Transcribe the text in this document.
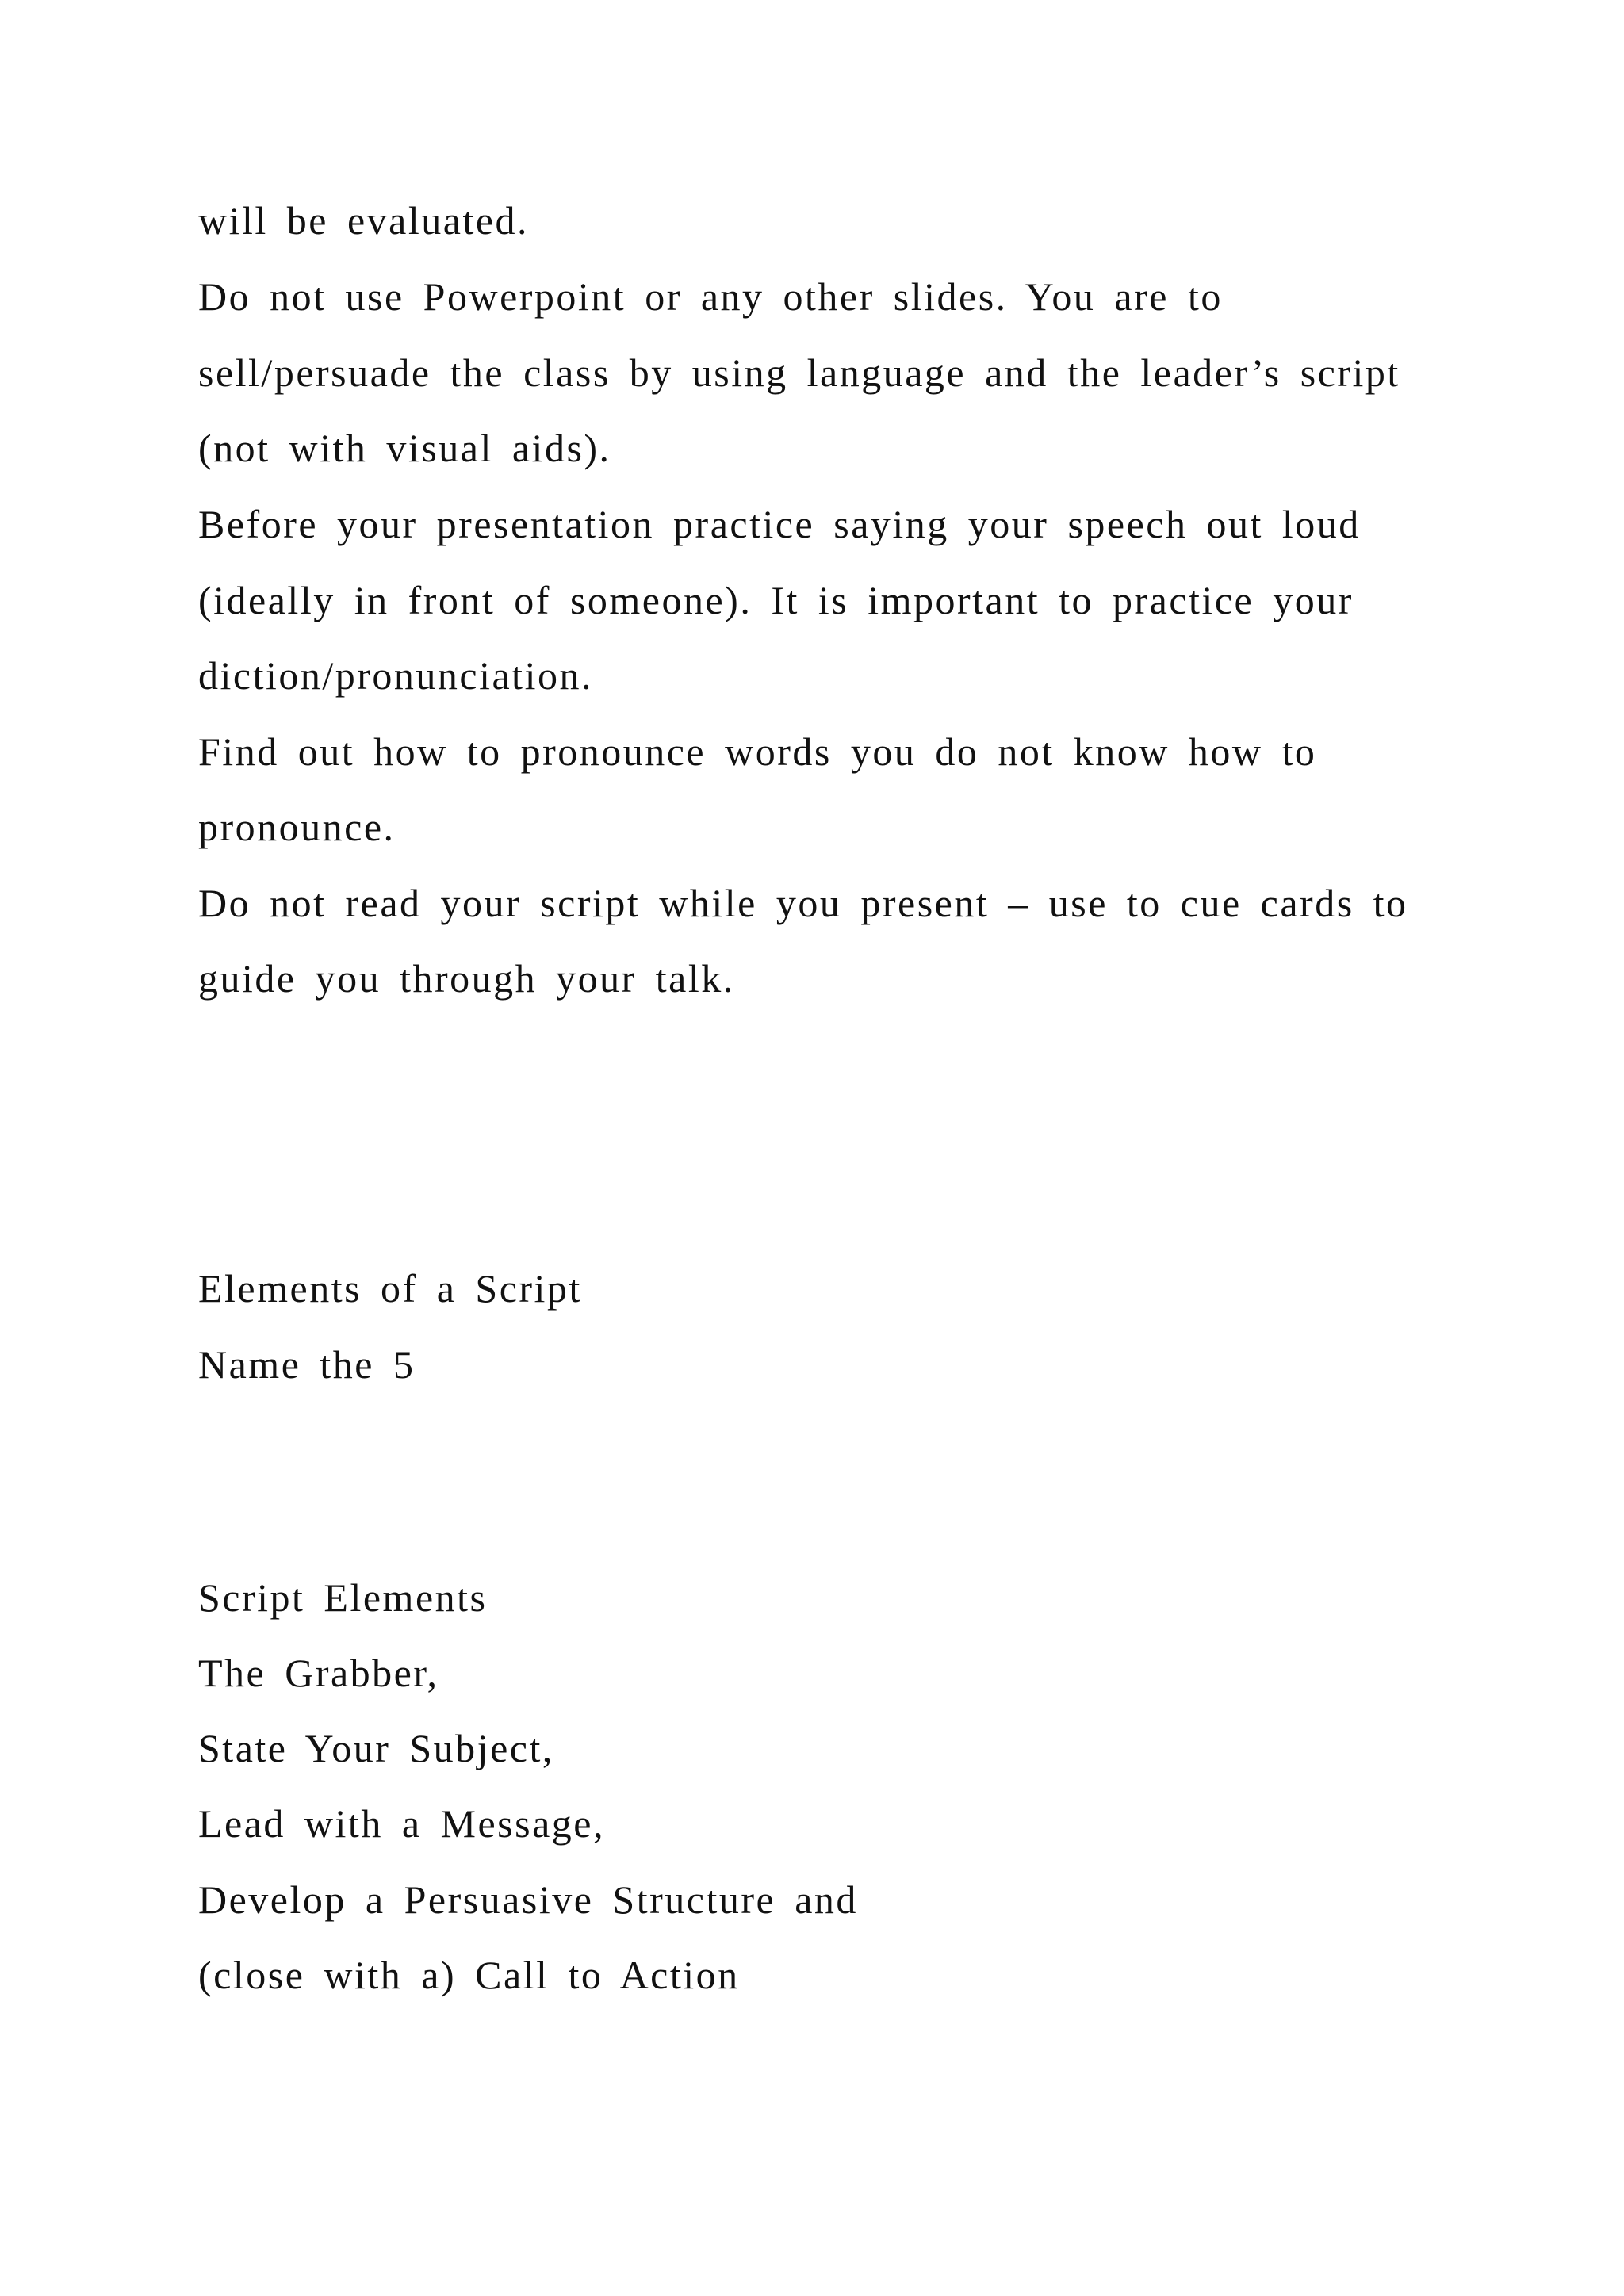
will be evaluated.

Do not use Powerpoint or any other slides. You are to

sell/persuade the class by using language and the leader’s script

(not with visual aids).

Before your presentation practice saying your speech out loud

(ideally in front of someone). It is important to practice your

diction/pronunciation.

Find out how to pronounce words you do not know how to

pronounce.

Do not read your script while you present – use to cue cards to

guide you through your talk.

Elements of a Script

Name the 5

Script Elements

The Grabber,

State Your Subject,

Lead with a Message,

Develop a Persuasive Structure and

(close with a) Call to Action
